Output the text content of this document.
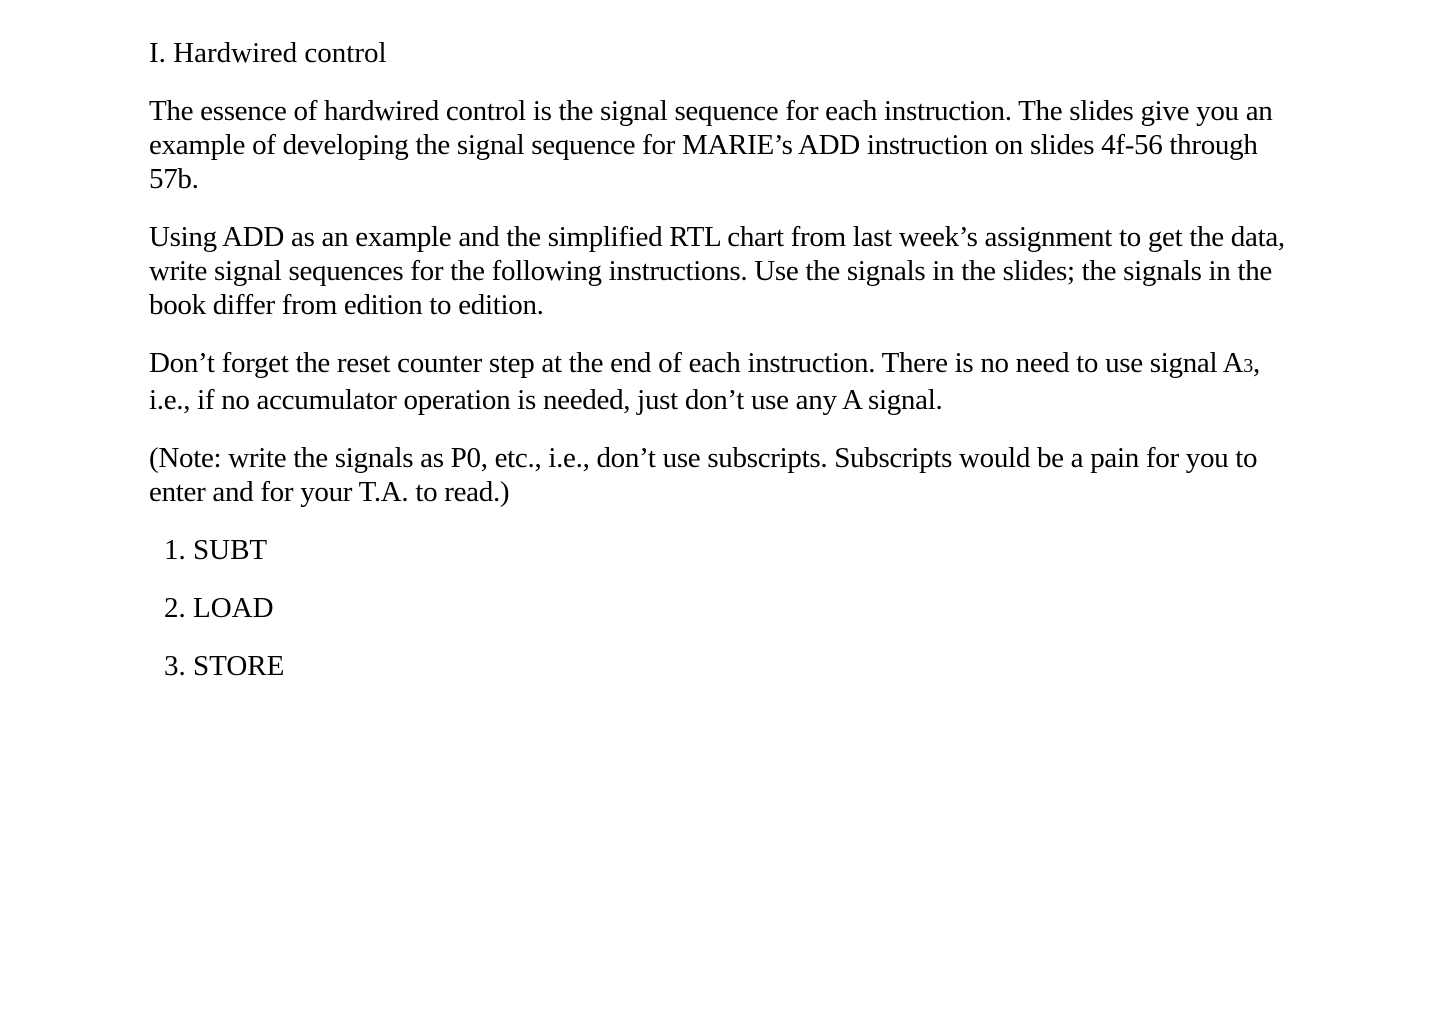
I. Hardwired control

The essence of hardwired control is the signal sequence for each instruction. The slides give you an example of developing the signal sequence for MARIE’s ADD instruction on slides 4f-56 through 57b.

Using ADD as an example and the simplified RTL chart from last week’s assignment to get the data, write signal sequences for the following instructions. Use the signals in the slides; the signals in the book differ from edition to edition.

Don’t forget the reset counter step at the end of each instruction. There is no need to use signal A3, i.e., if no accumulator operation is needed, just don’t use any A signal.

(Note: write the signals as P0, etc., i.e., don’t use subscripts. Subscripts would be a pain for you to enter and for your T.A. to read.)

1. SUBT
2. LOAD
3. STORE
